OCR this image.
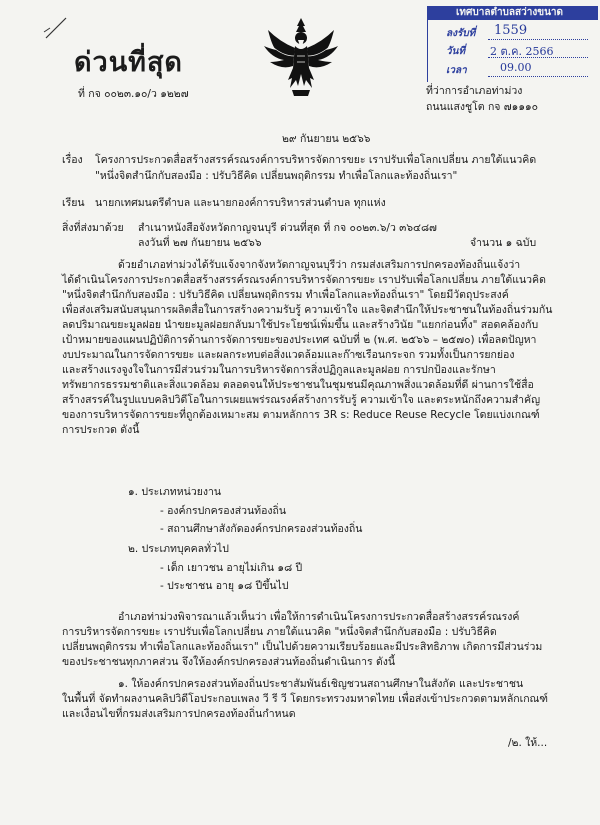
เทศบาลตำบลสว่างขนาด
ลงรับที่ 1559
วันที่ 2 ต.ค. 2566
เวลา	09.00
ด่วนที่สุด
ที่ กจ ๐๐๒๓.๑๐/ว ๑๒๒๗	ที่ว่าการอำเภอท่าม่วง
ถนนแสงชูโต กจ ๗๑๑๑๐
๒๙ กันยายน ๒๕๖๖
เรื่อง โครงการประกวดสื่อสร้างสรรค์รณรงค์การบริหารจัดการขยะ เราปรับเพื่อโลกเปลี่ยน ภายใต้แนวคิด
"หนึ่งจิตสำนึกกับสองมือ : ปรับวิธีคิด เปลี่ยนพฤติกรรม ทำเพื่อโลกและท้องถิ่นเรา"
เรียน นายกเทศมนตรีตำบล และนายกองค์การบริหารส่วนตำบล ทุกแห่ง
สิ่งที่ส่งมาด้วย สำเนาหนังสือจังหวัดกาญจนบุรี ด่วนที่สุด ที่ กจ ๐๐๒๓.๖/ว ๓๖๔๘๗
ลงวันที่ ๒๗ กันยายน ๒๕๖๖	จำนวน ๑ ฉบับ
ด้วยอำเภอท่าม่วงได้รับแจ้งจากจังหวัดกาญจนบุรีว่า กรมส่งเสริมการปกครองท้องถิ่นแจ้งว่า
ได้ดำเนินโครงการประกวดสื่อสร้างสรรค์รณรงค์การบริหารจัดการขยะ เราปรับเพื่อโลกเปลี่ยน ภายใต้แนวคิด
"หนึ่งจิตสำนึกกับสองมือ : ปรับวิธีคิด เปลี่ยนพฤติกรรม ทำเพื่อโลกและท้องถิ่นเรา" โดยมีวัตถุประสงค์
เพื่อส่งเสริมสนับสนุนการผลิตสื่อในการสร้างความรับรู้ ความเข้าใจ และจิตสำนึกให้ประชาชนในท้องถิ่นร่วมกัน
ลดปริมาณขยะมูลฝอย นำขยะมูลฝอยกลับมาใช้ประโยชน์เพิ่มขึ้น และสร้างวินัย "แยกก่อนทิ้ง" สอดคล้องกับ
เป้าหมายของแผนปฏิบัติการด้านการจัดการขยะของประเทศ ฉบับที่ ๒ (พ.ศ. ๒๕๖๖ – ๒๕๗๐) เพื่อลดปัญหา
งบประมาณในการจัดการขยะ และผลกระทบต่อสิ่งแวดล้อมและก๊าซเรือนกระจก รวมทั้งเป็นการยกย่อง
และสร้างแรงจูงใจในการมีส่วนร่วมในการบริหารจัดการสิ่งปฏิกูลและมูลฝอย การปกป้องและรักษา
ทรัพยากรธรรมชาติและสิ่งแวดล้อม ตลอดจนให้ประชาชนในชุมชนมีคุณภาพสิ่งแวดล้อมที่ดี ผ่านการใช้สื่อ
สร้างสรรค์ในรูปแบบคลิปวิดีโอในการเผยแพร่รณรงค์สร้างการรับรู้ ความเข้าใจ และตระหนักถึงความสำคัญ
ของการบริหารจัดการขยะที่ถูกต้องเหมาะสม ตามหลักการ 3R s: Reduce Reuse Recycle โดยแบ่งเกณฑ์
การประกวด ดังนี้
๑. ประเภทหน่วยงาน
- องค์กรปกครองส่วนท้องถิ่น
- สถานศึกษาสังกัดองค์กรปกครองส่วนท้องถิ่น
๒. ประเภทบุคคลทั่วไป
- เด็ก เยาวชน อายุไม่เกิน ๑๘ ปี
- ประชาชน อายุ ๑๘ ปีขึ้นไป
อำเภอท่าม่วงพิจารณาแล้วเห็นว่า เพื่อให้การดำเนินโครงการประกวดสื่อสร้างสรรค์รณรงค์
การบริหารจัดการขยะ เราปรับเพื่อโลกเปลี่ยน ภายใต้แนวคิด "หนึ่งจิตสำนึกกับสองมือ : ปรับวิธีคิด
เปลี่ยนพฤติกรรม ทำเพื่อโลกและท้องถิ่นเรา" เป็นไปด้วยความเรียบร้อยและมีประสิทธิภาพ เกิดการมีส่วนร่วม
ของประชาชนทุกภาคส่วน จึงให้องค์กรปกครองส่วนท้องถิ่นดำเนินการ ดังนี้
๑. ให้องค์กรปกครองส่วนท้องถิ่นประชาสัมพันธ์เชิญชวนสถานศึกษาในสังกัด และประชาชน
ในพื้นที่ จัดทำผลงานคลิปวิดีโอประกอบเพลง วี รี วี โดยกระทรวงมหาดไทย เพื่อส่งเข้าประกวดตามหลักเกณฑ์
และเงื่อนไขที่กรมส่งเสริมการปกครองท้องถิ่นกำหนด
/๒. ให้...
